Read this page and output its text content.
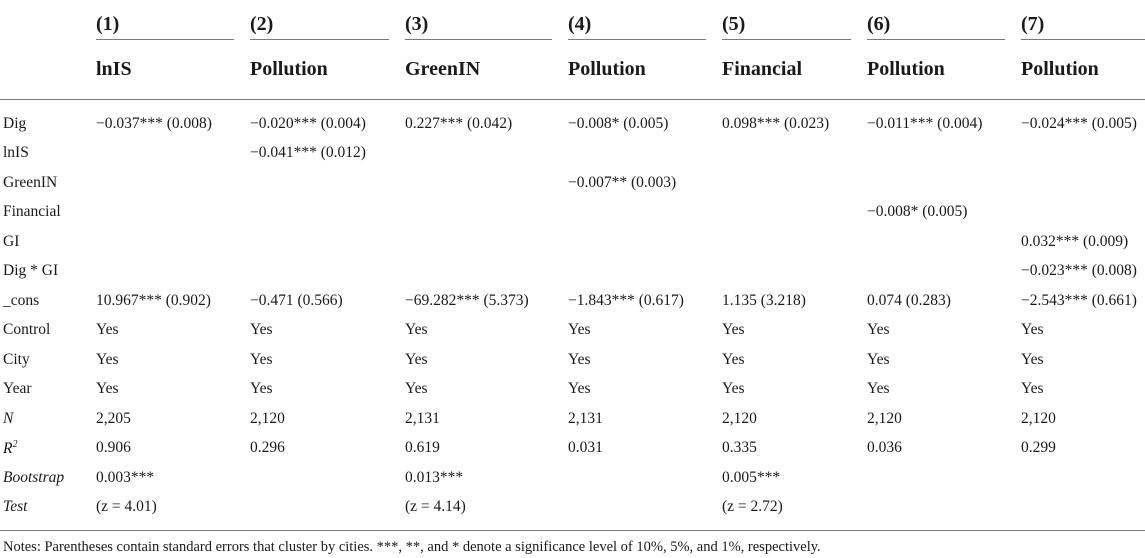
	(1)	(2)	(3)	(4)	(5)	(6)	(7)

	lnIS	Pollution	GreenIN	Pollution	Financial	Pollution	Pollution

Dig	−0.037*** (0.008)	−0.020*** (0.004)	0.227*** (0.042)	−0.008* (0.005)	0.098*** (0.023)	−0.011*** (0.004)	−0.024*** (0.005)
lnIS		−0.041*** (0.012)					
GreenIN				−0.007** (0.003)			
Financial						−0.008* (0.005)	
GI							0.032*** (0.009)
Dig * GI							−0.023*** (0.008)
_cons	10.967*** (0.902)	−0.471 (0.566)	−69.282*** (5.373)	−1.843*** (0.617)	1.135 (3.218)	0.074 (0.283)	−2.543*** (0.661)
Control	Yes	Yes	Yes	Yes	Yes	Yes	Yes
City	Yes	Yes	Yes	Yes	Yes	Yes	Yes
Year	Yes	Yes	Yes	Yes	Yes	Yes	Yes
N	2,205	2,120	2,131	2,131	2,120	2,120	2,120
$R^2$	0.906	0.296	0.619	0.031	0.335	0.036	0.299
Bootstrap	0.003***		0.013***		0.005***		
Test	(z = 4.01)		(z = 4.14)		(z = 2.72)		

Notes: Parentheses contain standard errors that cluster by cities. ***, **, and * denote a significance level of 10%, 5%, and 1%, respectively.
